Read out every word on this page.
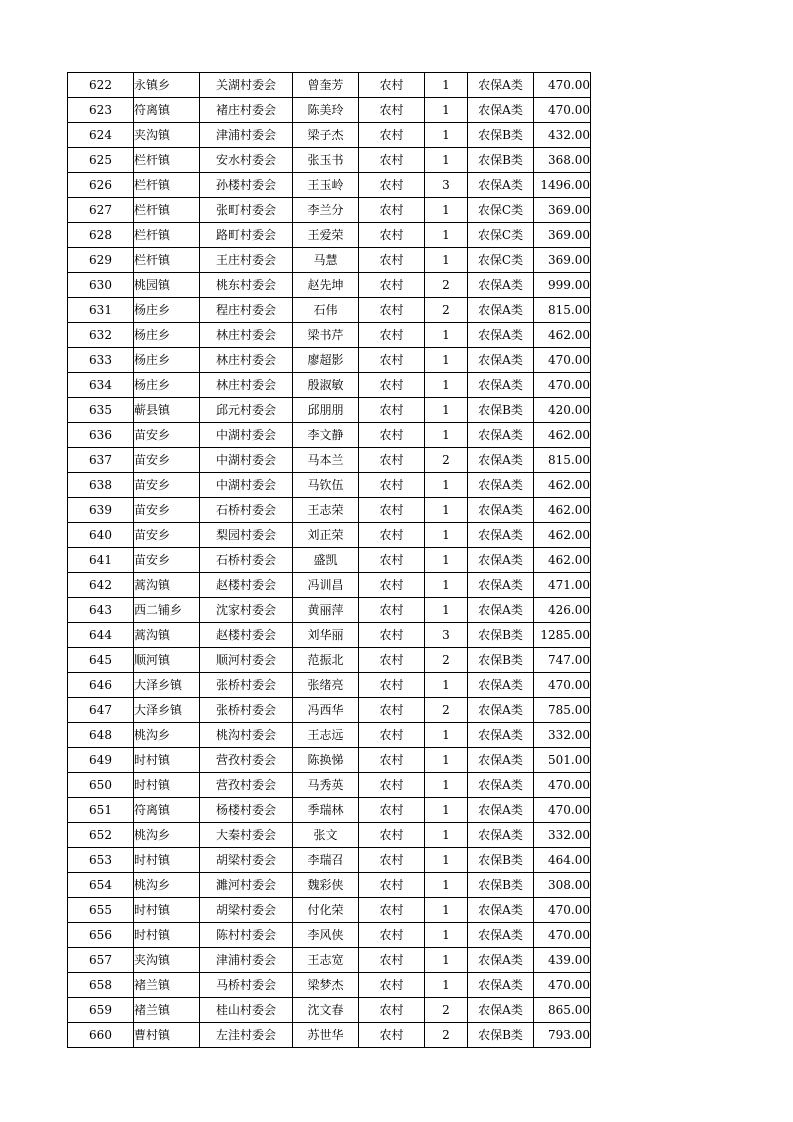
622	永镇乡	关湖村委会	曾奎芳	农村	1	农保A类	470.00
623	符离镇	褚庄村委会	陈美玲	农村	1	农保A类	470.00
624	夹沟镇	津浦村委会	梁子杰	农村	1	农保B类	432.00
625	栏杆镇	安水村委会	张玉书	农村	1	农保B类	368.00
626	栏杆镇	孙楼村委会	王玉岭	农村	3	农保A类	1496.00
627	栏杆镇	张町村委会	李兰分	农村	1	农保C类	369.00
628	栏杆镇	路町村委会	王爱荣	农村	1	农保C类	369.00
629	栏杆镇	王庄村委会	马慧	农村	1	农保C类	369.00
630	桃园镇	桃东村委会	赵先坤	农村	2	农保A类	999.00
631	杨庄乡	程庄村委会	石伟	农村	2	农保A类	815.00
632	杨庄乡	林庄村委会	梁书芹	农村	1	农保A类	462.00
633	杨庄乡	林庄村委会	廖超影	农村	1	农保A类	470.00
634	杨庄乡	林庄村委会	殷淑敏	农村	1	农保A类	470.00
635	蕲县镇	邱元村委会	邱朋朋	农村	1	农保B类	420.00
636	苗安乡	中湖村委会	李文静	农村	1	农保A类	462.00
637	苗安乡	中湖村委会	马本兰	农村	2	农保A类	815.00
638	苗安乡	中湖村委会	马钦伍	农村	1	农保A类	462.00
639	苗安乡	石桥村委会	王志荣	农村	1	农保A类	462.00
640	苗安乡	梨园村委会	刘正荣	农村	1	农保A类	462.00
641	苗安乡	石桥村委会	盛凯	农村	1	农保A类	462.00
642	蒿沟镇	赵楼村委会	冯训昌	农村	1	农保A类	471.00
643	西二铺乡	沈家村委会	黄丽萍	农村	1	农保A类	426.00
644	蒿沟镇	赵楼村委会	刘华丽	农村	3	农保B类	1285.00
645	顺河镇	顺河村委会	范振北	农村	2	农保B类	747.00
646	大泽乡镇	张桥村委会	张绪亮	农村	1	农保A类	470.00
647	大泽乡镇	张桥村委会	冯西华	农村	2	农保A类	785.00
648	桃沟乡	桃沟村委会	王志远	农村	1	农保A类	332.00
649	时村镇	营孜村委会	陈换悌	农村	1	农保A类	501.00
650	时村镇	营孜村委会	马秀英	农村	1	农保A类	470.00
651	符离镇	杨楼村委会	季瑞林	农村	1	农保A类	470.00
652	桃沟乡	大秦村委会	张文	农村	1	农保A类	332.00
653	时村镇	胡梁村委会	李瑞召	农村	1	农保B类	464.00
654	桃沟乡	濉河村委会	魏彩侠	农村	1	农保B类	308.00
655	时村镇	胡梁村委会	付化荣	农村	1	农保A类	470.00
656	时村镇	陈村村委会	李风侠	农村	1	农保A类	470.00
657	夹沟镇	津浦村委会	王志宽	农村	1	农保A类	439.00
658	褚兰镇	马桥村委会	梁梦杰	农村	1	农保A类	470.00
659	褚兰镇	桂山村委会	沈文春	农村	2	农保A类	865.00
660	曹村镇	左洼村委会	苏世华	农村	2	农保B类	793.00
